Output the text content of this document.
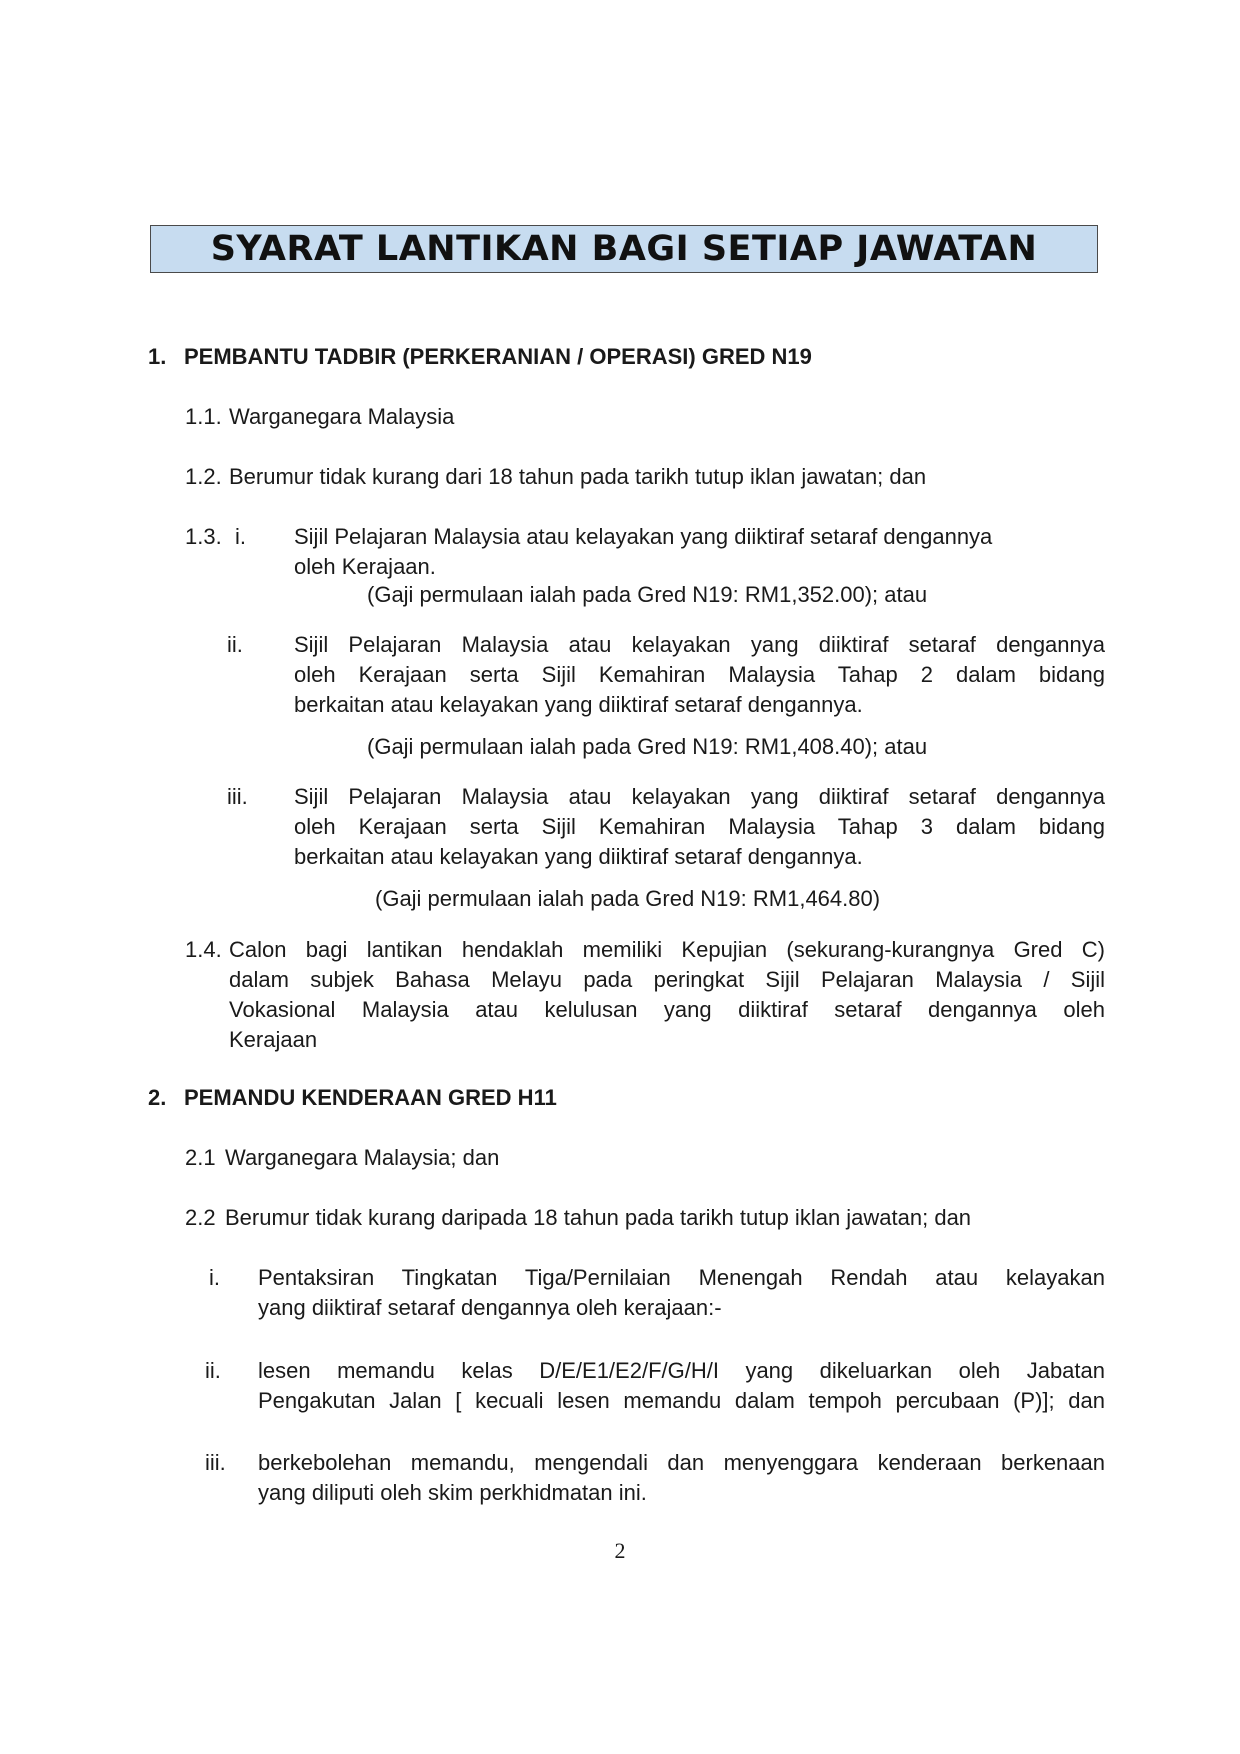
SYARAT LANTIKAN BAGI SETIAP JAWATAN
1. PEMBANTU TADBIR (PERKERANIAN / OPERASI) GRED N19
1.1. Warganegara Malaysia
1.2. Berumur tidak kurang dari 18 tahun pada tarikh tutup iklan jawatan; dan
1.3. i. Sijil Pelajaran Malaysia atau kelayakan yang diiktiraf setaraf dengannya
oleh Kerajaan.
(Gaji permulaan ialah pada Gred N19: RM1,352.00); atau
ii. Sijil Pelajaran Malaysia atau kelayakan yang diiktiraf setaraf dengannya
oleh Kerajaan serta Sijil Kemahiran Malaysia Tahap 2 dalam bidang
berkaitan atau kelayakan yang diiktiraf setaraf dengannya.
(Gaji permulaan ialah pada Gred N19: RM1,408.40); atau
iii. Sijil Pelajaran Malaysia atau kelayakan yang diiktiraf setaraf dengannya
oleh Kerajaan serta Sijil Kemahiran Malaysia Tahap 3 dalam bidang
berkaitan atau kelayakan yang diiktiraf setaraf dengannya.
(Gaji permulaan ialah pada Gred N19: RM1,464.80)
1.4. Calon bagi lantikan hendaklah memiliki Kepujian (sekurang-kurangnya Gred C)
dalam subjek Bahasa Melayu pada peringkat Sijil Pelajaran Malaysia / Sijil
Vokasional Malaysia atau kelulusan yang diiktiraf setaraf dengannya oleh
Kerajaan
2. PEMANDU KENDERAAN GRED H11
2.1 Warganegara Malaysia; dan
2.2 Berumur tidak kurang daripada 18 tahun pada tarikh tutup iklan jawatan; dan
i. Pentaksiran Tingkatan Tiga/Pernilaian Menengah Rendah atau kelayakan
yang diiktiraf setaraf dengannya oleh kerajaan:-
ii. lesen memandu kelas D/E/E1/E2/F/G/H/I yang dikeluarkan oleh Jabatan
Pengakutan Jalan [ kecuali lesen memandu dalam tempoh percubaan (P)]; dan
iii. berkebolehan memandu, mengendali dan menyenggara kenderaan berkenaan
yang diliputi oleh skim perkhidmatan ini.
2
